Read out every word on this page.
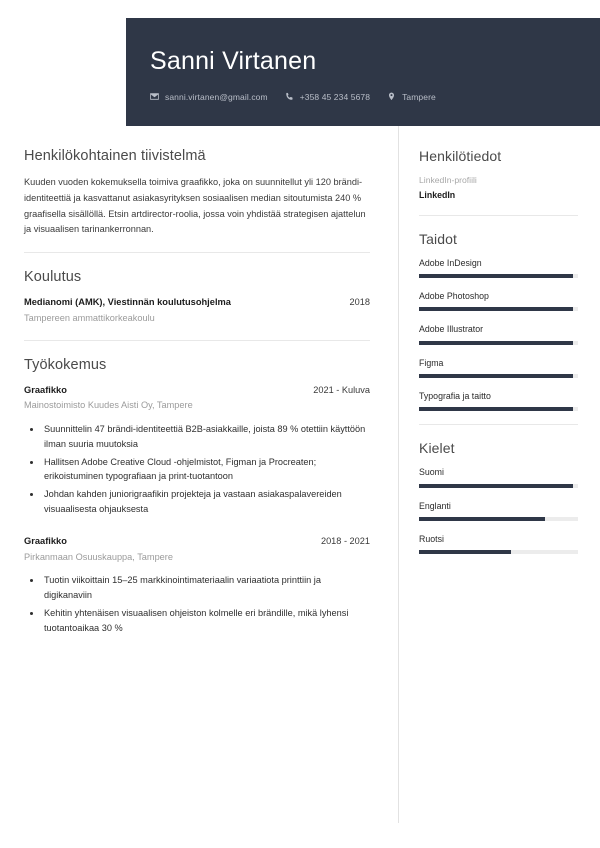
Sanni Virtanen
sanni.virtanen@gmail.com	+358 45 234 5678	Tampere
Henkilökohtainen tiivistelmä

Kuuden vuoden kokemuksella toimiva graafikko, joka on suunnitellut yli 120 brändi-identiteettiä ja kasvattanut asiakasyrityksen sosiaalisen median sitoutumista 240 % graafisella sisällöllä. Etsin artdirector-roolia, jossa voin yhdistää strategisen ajattelun ja visuaalisen tarinankerronnan.

Koulutus
Medianomi (AMK), Viestinnän koulutusohjelma	2018
Tampereen ammattikorkeakoulu
Työkokemus
Graafikko	2021 - Kuluva
Mainostoimisto Kuudes Aisti Oy, Tampere
• Suunnittelin 47 brändi-identiteettiä B2B-asiakkaille, joista 89 % otettiin käyttöön ilman suuria muutoksia
• Hallitsen Adobe Creative Cloud -ohjelmistot, Figman ja Procreaten; erikoistuminen typografiaan ja print-tuotantoon
• Johdan kahden juniorigraafikin projekteja ja vastaan asiakaspalavereiden visuaalisesta ohjauksesta
Graafikko	2018 - 2021
Pirkanmaan Osuuskauppa, Tampere
• Tuotin viikoittain 15–25 markkinointimateriaalin variaatiota printtiin ja digikanaviin
• Kehitin yhtenäisen visuaalisen ohjeiston kolmelle eri brändille, mikä lyhensi tuotantoaikaa 30 %
Henkilötiedot
LinkedIn-profiili
LinkedIn
Taidot
Adobe InDesign
Adobe Photoshop
Adobe Illustrator
Figma
Typografia ja taitto
Kielet
Suomi
Englanti
Ruotsi
